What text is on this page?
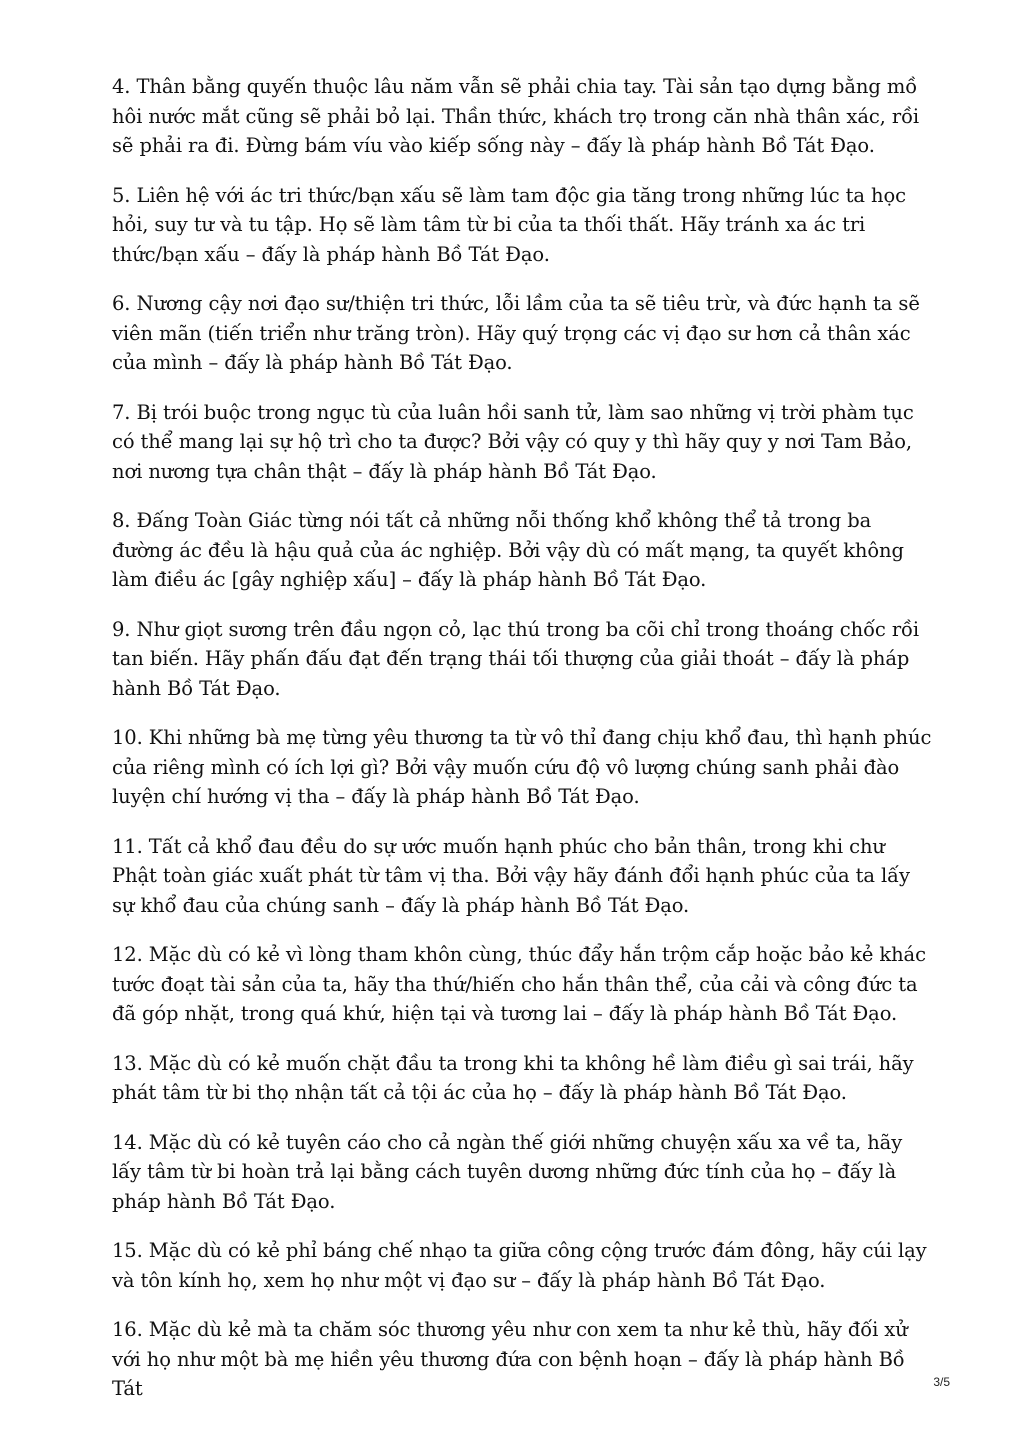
4. Thân bằng quyến thuộc lâu năm vẫn sẽ phải chia tay. Tài sản tạo dựng bằng mồ hôi nước mắt cũng sẽ phải bỏ lại. Thần thức, khách trọ trong căn nhà thân xác, rồi sẽ phải ra đi. Đừng bám víu vào kiếp sống này – đấy là pháp hành Bồ Tát Đạo.

5. Liên hệ với ác tri thức/bạn xấu sẽ làm tam độc gia tăng trong những lúc ta học hỏi, suy tư và tu tập. Họ sẽ làm tâm từ bi của ta thối thất. Hãy tránh xa ác tri thức/bạn xấu – đấy là pháp hành Bồ Tát Đạo.

6. Nương cậy nơi đạo sư/thiện tri thức, lỗi lầm của ta sẽ tiêu trừ, và đức hạnh ta sẽ viên mãn (tiến triển như trăng tròn). Hãy quý trọng các vị đạo sư hơn cả thân xác của mình – đấy là pháp hành Bồ Tát Đạo.

7. Bị trói buộc trong ngục tù của luân hồi sanh tử, làm sao những vị trời phàm tục có thể mang lại sự hộ trì cho ta được? Bởi vậy có quy y thì hãy quy y nơi Tam Bảo, nơi nương tựa chân thật – đấy là pháp hành Bồ Tát Đạo.

8. Đấng Toàn Giác từng nói tất cả những nỗi thống khổ không thể tả trong ba đường ác đều là hậu quả của ác nghiệp. Bởi vậy dù có mất mạng, ta quyết không làm điều ác [gây nghiệp xấu] – đấy là pháp hành Bồ Tát Đạo.

9. Như giọt sương trên đầu ngọn cỏ, lạc thú trong ba cõi chỉ trong thoáng chốc rồi tan biến. Hãy phấn đấu đạt đến trạng thái tối thượng của giải thoát – đấy là pháp hành Bồ Tát Đạo.

10. Khi những bà mẹ từng yêu thương ta từ vô thỉ đang chịu khổ đau, thì hạnh phúc của riêng mình có ích lợi gì? Bởi vậy muốn cứu độ vô lượng chúng sanh phải đào luyện chí hướng vị tha – đấy là pháp hành Bồ Tát Đạo.

11. Tất cả khổ đau đều do sự ước muốn hạnh phúc cho bản thân, trong khi chư Phật toàn giác xuất phát từ tâm vị tha. Bởi vậy hãy đánh đổi hạnh phúc của ta lấy sự khổ đau của chúng sanh – đấy là pháp hành Bồ Tát Đạo.

12. Mặc dù có kẻ vì lòng tham khôn cùng, thúc đẩy hắn trộm cắp hoặc bảo kẻ khác tước đoạt tài sản của ta, hãy tha thứ/hiến cho hắn thân thể, của cải và công đức ta đã góp nhặt, trong quá khứ, hiện tại và tương lai – đấy là pháp hành Bồ Tát Đạo.

13. Mặc dù có kẻ muốn chặt đầu ta trong khi ta không hề làm điều gì sai trái, hãy phát tâm từ bi thọ nhận tất cả tội ác của họ – đấy là pháp hành Bồ Tát Đạo.

14. Mặc dù có kẻ tuyên cáo cho cả ngàn thế giới những chuyện xấu xa về ta, hãy lấy tâm từ bi hoàn trả lại bằng cách tuyên dương những đức tính của họ – đấy là pháp hành Bồ Tát Đạo.

15. Mặc dù có kẻ phỉ báng chế nhạo ta giữa công cộng trước đám đông, hãy cúi lạy và tôn kính họ, xem họ như một vị đạo sư – đấy là pháp hành Bồ Tát Đạo.

16. Mặc dù kẻ mà ta chăm sóc thương yêu như con xem ta như kẻ thù, hãy đối xử với họ như một bà mẹ hiền yêu thương đứa con bệnh hoạn – đấy là pháp hành Bồ Tát	3/5
